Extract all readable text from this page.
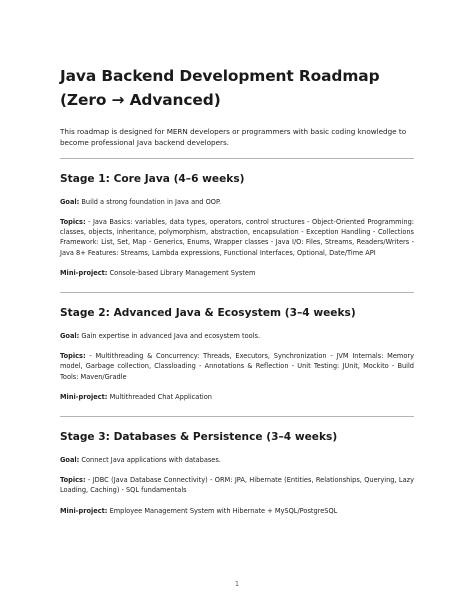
Java Backend Development Roadmap (Zero → Advanced)
This roadmap is designed for MERN developers or programmers with basic coding knowledge to become professional Java backend developers.
Stage 1: Core Java (4–6 weeks)
Goal: Build a strong foundation in Java and OOP.
Topics: - Java Basics: variables, data types, operators, control structures - Object-Oriented Programming: classes, objects, inheritance, polymorphism, abstraction, encapsulation - Exception Handling - Collections Framework: List, Set, Map - Generics, Enums, Wrapper classes - Java I/O: Files, Streams, Readers/Writers - Java 8+ Features: Streams, Lambda expressions, Functional Interfaces, Optional, Date/Time API
Mini-project: Console-based Library Management System
Stage 2: Advanced Java & Ecosystem (3–4 weeks)
Goal: Gain expertise in advanced Java and ecosystem tools.
Topics: - Multithreading & Concurrency: Threads, Executors, Synchronization - JVM Internals: Memory model, Garbage collection, Classloading - Annotations & Reflection - Unit Testing: JUnit, Mockito - Build Tools: Maven/Gradle
Mini-project: Multithreaded Chat Application
Stage 3: Databases & Persistence (3–4 weeks)
Goal: Connect Java applications with databases.
Topics: - JDBC (Java Database Connectivity) - ORM: JPA, Hibernate (Entities, Relationships, Querying, Lazy Loading, Caching) - SQL fundamentals
Mini-project: Employee Management System with Hibernate + MySQL/PostgreSQL
1
